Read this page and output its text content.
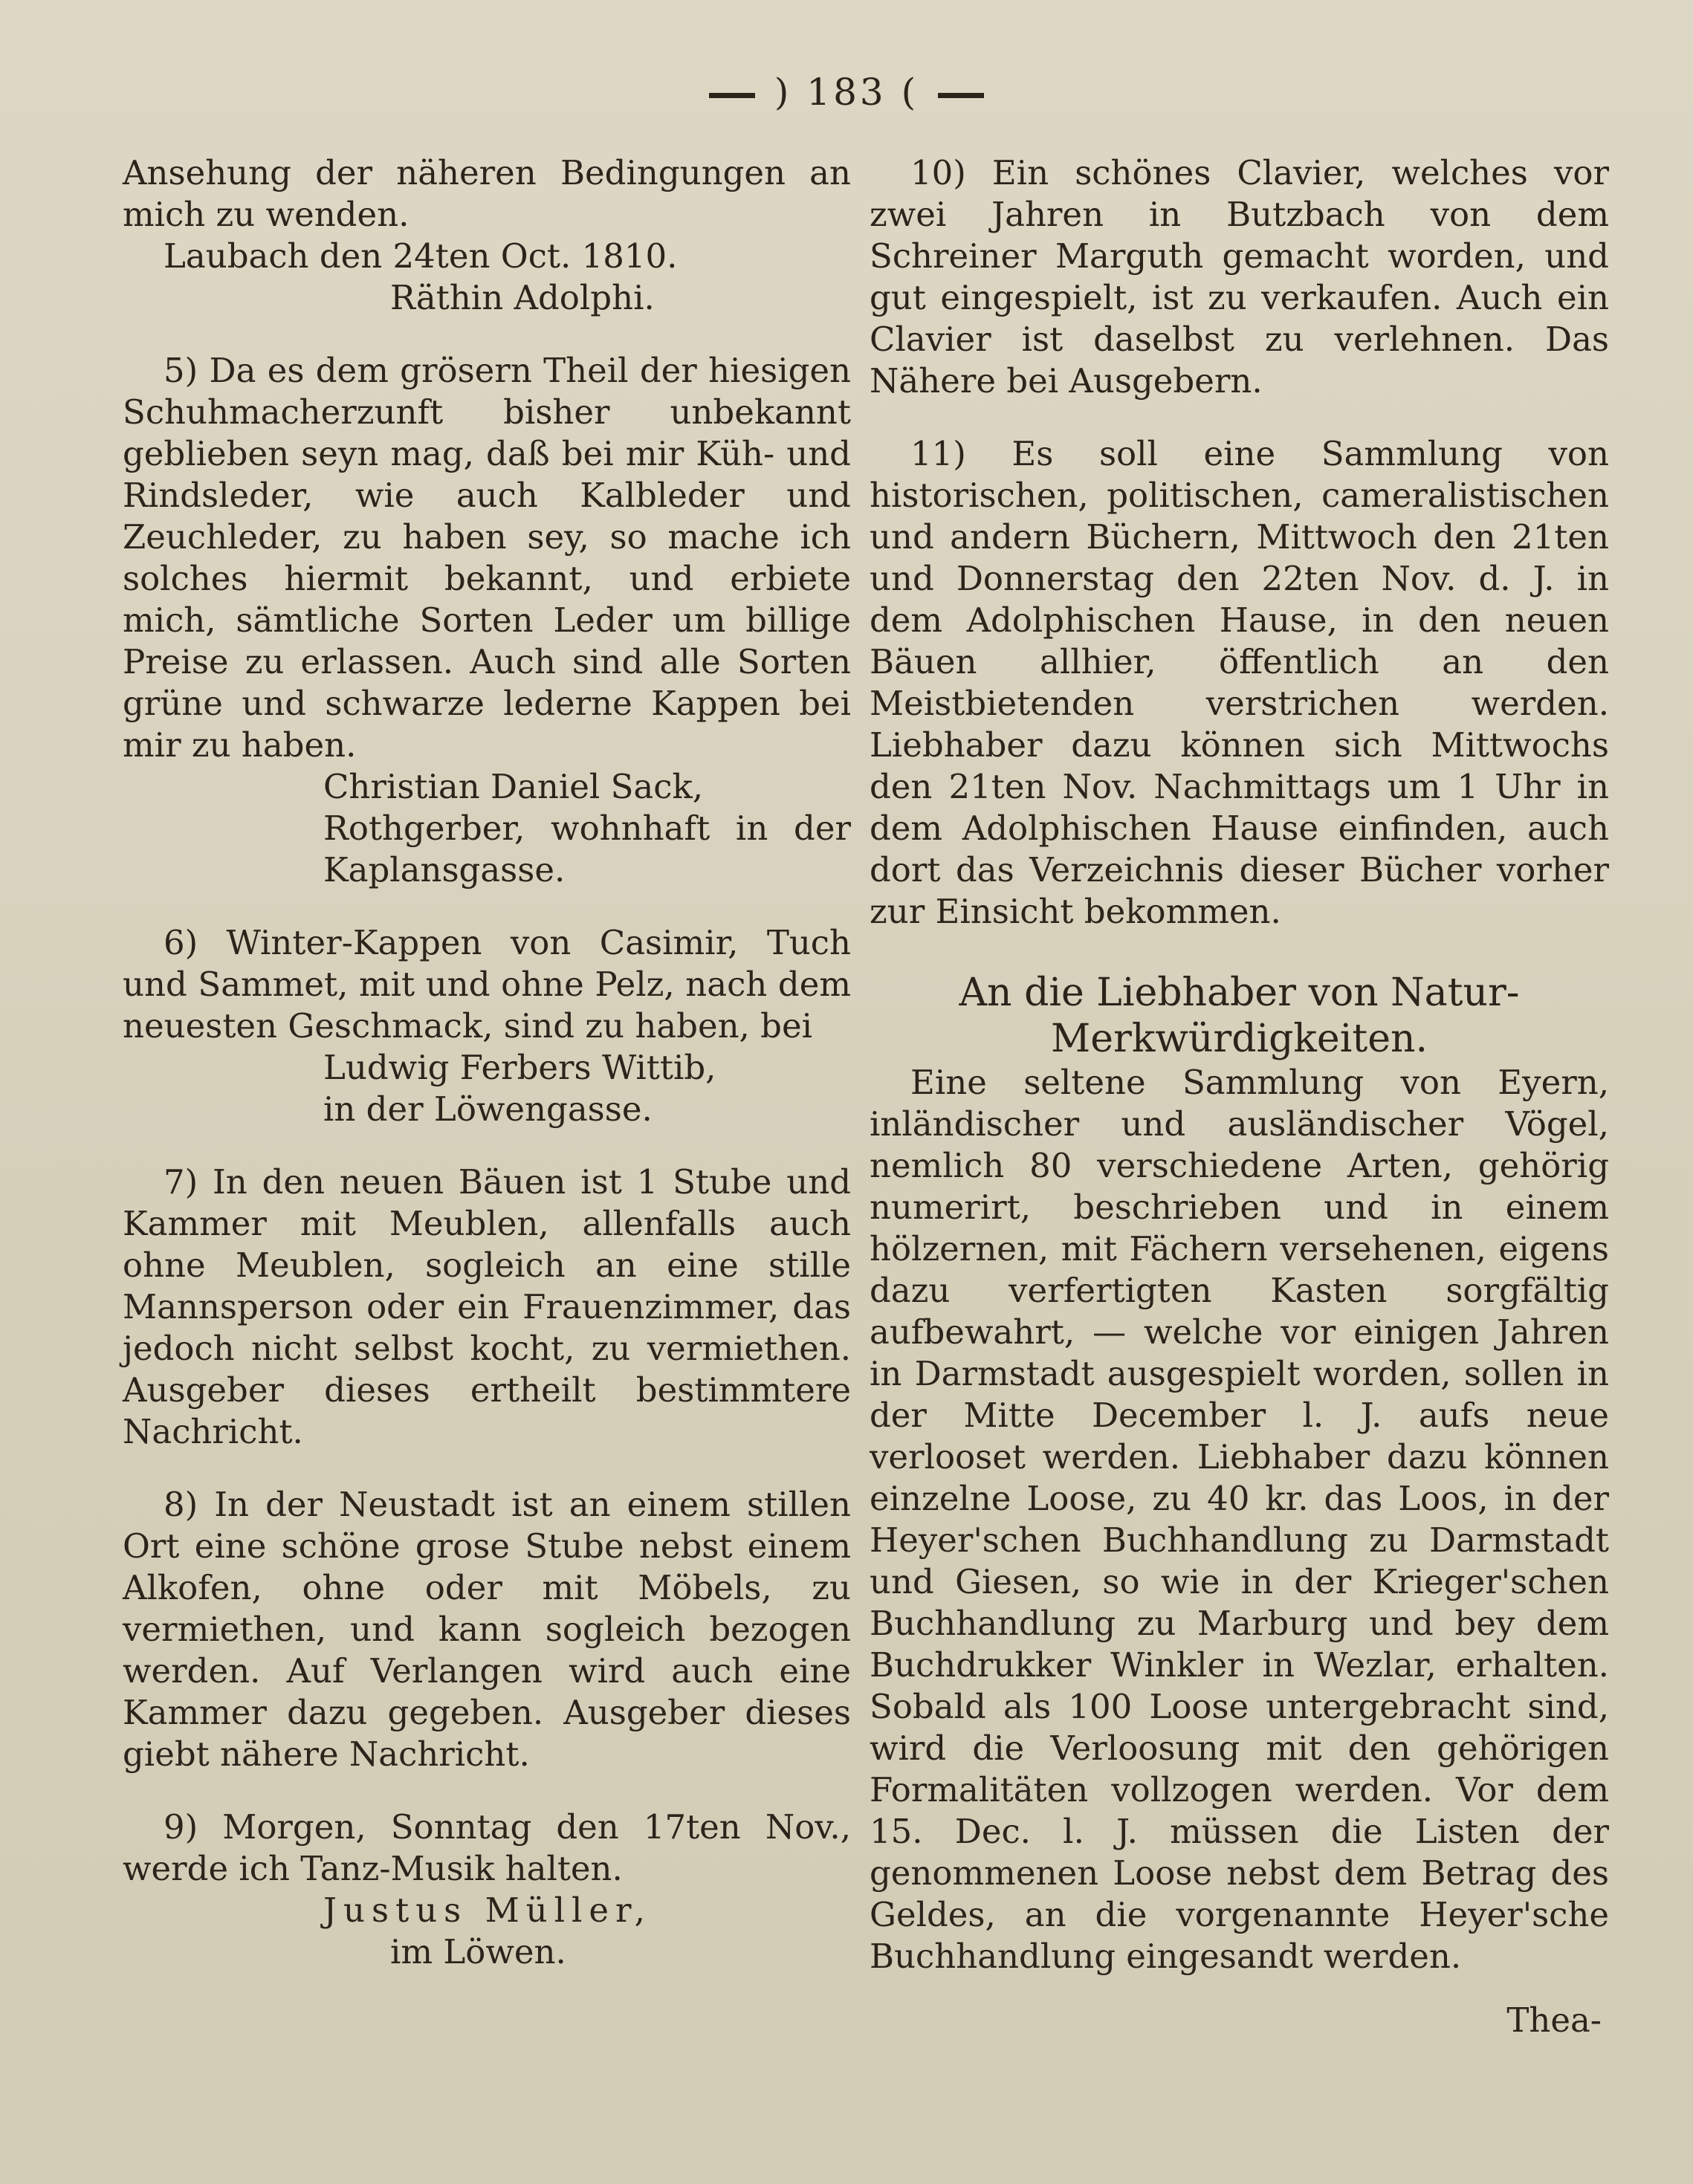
) 183 (

Ansehung der näheren Bedingungen an mich zu wenden.

Laubach den 24ten Oct. 1810.

Räthin Adolphi.

5) Da es dem grösern Theil der hiesigen Schuhmacherzunft bisher unbekannt geblieben seyn mag, daß bei mir Küh- und Rindsleder, wie auch Kalbleder und Zeuchleder, zu haben sey, so mache ich solches hiermit bekannt, und erbiete mich, sämtliche Sorten Leder um billige Preise zu erlassen. Auch sind alle Sorten grüne und schwarze lederne Kappen bei mir zu haben.

Christian Daniel Sack,

Rothgerber, wohnhaft in der Kaplansgasse.

6) Winter-Kappen von Casimir, Tuch und Sammet, mit und ohne Pelz, nach dem neuesten Geschmack, sind zu haben, bei

Ludwig Ferbers Wittib,

in der Löwengasse.

7) In den neuen Bäuen ist 1 Stube und Kammer mit Meublen, allenfalls auch ohne Meublen, sogleich an eine stille Mannsperson oder ein Frauenzimmer, das jedoch nicht selbst kocht, zu vermiethen. Ausgeber dieses ertheilt bestimmtere Nachricht.

8) In der Neustadt ist an einem stillen Ort eine schöne grose Stube nebst einem Alkofen, ohne oder mit Möbels, zu vermiethen, und kann sogleich bezogen werden. Auf Verlangen wird auch eine Kammer dazu gegeben. Ausgeber dieses giebt nähere Nachricht.

9) Morgen, Sonntag den 17ten Nov., werde ich Tanz-Musik halten.

Justus Müller,

im Löwen.

10) Ein schönes Clavier, welches vor zwei Jahren in Butzbach von dem Schreiner Marguth gemacht worden, und gut eingespielt, ist zu verkaufen. Auch ein Clavier ist daselbst zu verlehnen. Das Nähere bei Ausgebern.

11) Es soll eine Sammlung von historischen, politischen, cameralistischen und andern Büchern, Mittwoch den 21ten und Donnerstag den 22ten Nov. d. J. in dem Adolphischen Hause, in den neuen Bäuen allhier, öffentlich an den Meistbietenden verstrichen werden. Liebhaber dazu können sich Mittwochs den 21ten Nov. Nachmittags um 1 Uhr in dem Adolphischen Hause einfinden, auch dort das Verzeichnis dieser Bücher vorher zur Einsicht bekommen.

An die Liebhaber von Natur-Merkwürdigkeiten.

Eine seltene Sammlung von Eyern, inländischer und ausländischer Vögel, nemlich 80 verschiedene Arten, gehörig numerirt, beschrieben und in einem hölzernen, mit Fächern versehenen, eigens dazu verfertigten Kasten sorgfältig aufbewahrt, — welche vor einigen Jahren in Darmstadt ausgespielt worden, sollen in der Mitte December l. J. aufs neue verlooset werden. Liebhaber dazu können einzelne Loose, zu 40 kr. das Loos, in der Heyer'schen Buchhandlung zu Darmstadt und Giesen, so wie in der Krieger'schen Buchhandlung zu Marburg und bey dem Buchdrukker Winkler in Wezlar, erhalten. Sobald als 100 Loose untergebracht sind, wird die Verloosung mit den gehörigen Formalitäten vollzogen werden. Vor dem 15. Dec. l. J. müssen die Listen der genommenen Loose nebst dem Betrag des Geldes, an die vorgenannte Heyer'sche Buchhandlung eingesandt werden.

Thea-
